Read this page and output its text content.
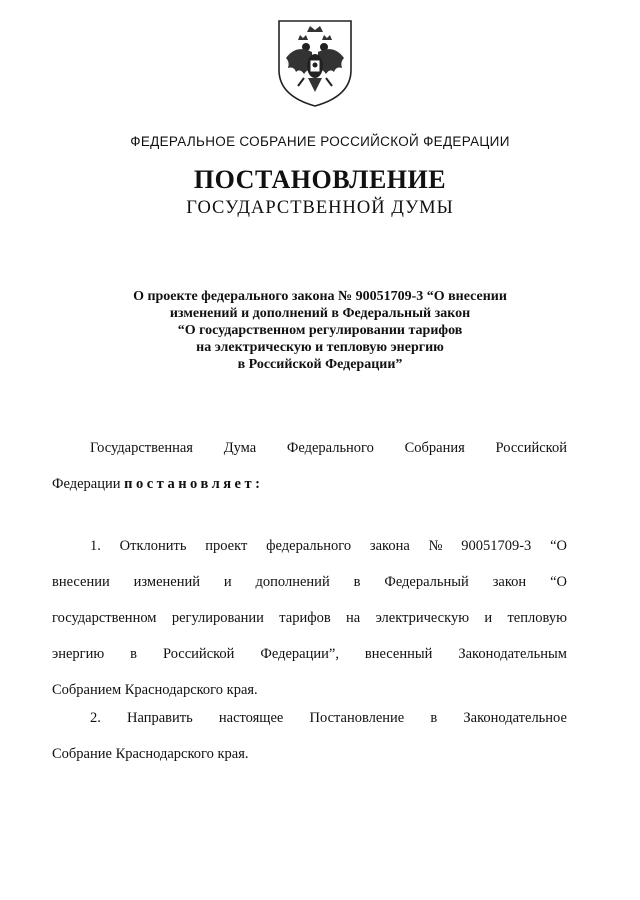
ФЕДЕРАЛЬНОЕ СОБРАНИЕ РОССИЙСКОЙ ФЕДЕРАЦИИ
ПОСТАНОВЛЕНИЕ
ГОСУДАРСТВЕННОЙ ДУМЫ
О проекте федерального закона № 90051709-3 “О внесении
изменений и дополнений в Федеральный закон
“О государственном регулировании тарифов
на электрическую и тепловую энергию
в Российской Федерации”
Государственная Дума Федерального Собрания Российской
Федерации постановляет:
1. Отклонить проект федерального закона № 90051709-3 “О
внесении изменений и дополнений в Федеральный закон “О
государственном регулировании тарифов на электрическую и тепловую
энергию в Российской Федерации”, внесенный Законодательным
Собранием Краснодарского края.
2. Направить настоящее Постановление в Законодательное
Собрание Краснодарского края.
